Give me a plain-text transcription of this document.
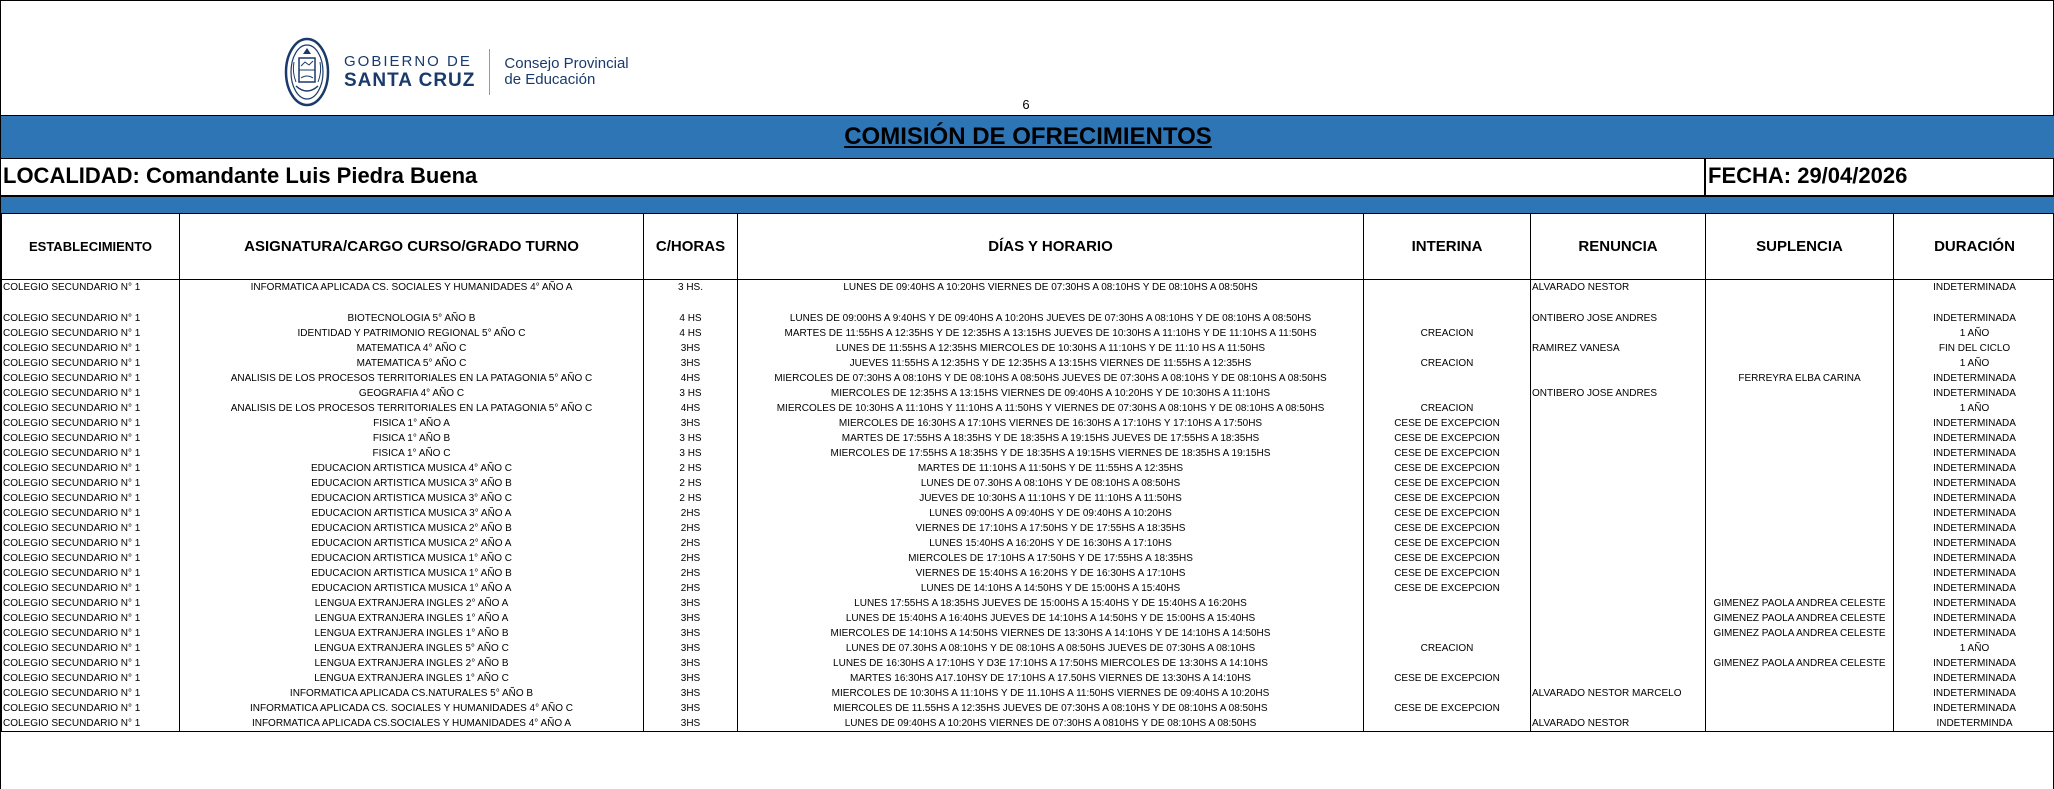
GOBIERNO DE
SANTA CRUZ
Consejo Provincial
de Educación
6
COMISIÓN DE OFRECIMIENTOS
LOCALIDAD: Comandante Luis Piedra Buena	FECHA: 29/04/2026
ESTABLECIMIENTO	ASIGNATURA/CARGO CURSO/GRADO TURNO	C/HORAS	DÍAS Y HORARIO	INTERINA	RENUNCIA	SUPLENCIA	DURACIÓN
COLEGIO SECUNDARIO N° 1	INFORMATICA APLICADA CS. SOCIALES Y HUMANIDADES 4° AÑO A	3 HS.	LUNES DE 09:40HS A 10:20HS VIERNES DE 07:30HS A 08:10HS Y DE 08:10HS A 08:50HS		ALVARADO NESTOR		INDETERMINADA
COLEGIO SECUNDARIO N° 1	BIOTECNOLOGIA 5° AÑO B	4 HS	LUNES DE 09:00HS A 9:40HS Y DE 09:40HS A 10:20HS JUEVES DE 07:30HS A 08:10HS Y DE 08:10HS A 08:50HS		ONTIBERO JOSE ANDRES		INDETERMINADA
COLEGIO SECUNDARIO N° 1	IDENTIDAD Y PATRIMONIO REGIONAL 5° AÑO C	4 HS	MARTES DE 11:55HS A 12:35HS Y DE 12:35HS A 13:15HS JUEVES DE 10:30HS A 11:10HS Y DE 11:10HS A 11:50HS	CREACION			1 AÑO
COLEGIO SECUNDARIO N° 1	MATEMATICA 4° AÑO C	3HS	LUNES DE 11:55HS A 12:35HS MIERCOLES DE 10:30HS A 11:10HS Y DE 11:10 HS A 11:50HS		RAMIREZ VANESA		FIN DEL CICLO
COLEGIO SECUNDARIO N° 1	MATEMATICA 5° AÑO C	3HS	JUEVES 11:55HS A 12:35HS Y DE 12:35HS A 13:15HS VIERNES DE 11:55HS A 12:35HS	CREACION			1 AÑO
COLEGIO SECUNDARIO N° 1	ANALISIS DE LOS PROCESOS TERRITORIALES EN LA PATAGONIA 5° AÑO C	4HS	MIERCOLES DE 07:30HS A 08:10HS Y DE 08:10HS A 08:50HS JUEVES DE 07:30HS A 08:10HS Y DE 08:10HS A 08:50HS			FERREYRA ELBA CARINA	INDETERMINADA
COLEGIO SECUNDARIO N° 1	GEOGRAFIA 4° AÑO C	3 HS	MIERCOLES DE 12:35HS A 13:15HS VIERNES DE 09:40HS A 10:20HS Y DE 10:30HS A 11:10HS		ONTIBERO JOSE ANDRES		INDETERMINADA
COLEGIO SECUNDARIO N° 1	ANALISIS DE LOS PROCESOS TERRITORIALES EN LA PATAGONIA 5° AÑO C	4HS	MIERCOLES DE 10:30HS A 11:10HS Y 11:10HS A 11:50HS Y VIERNES DE 07:30HS A 08:10HS Y DE 08:10HS A 08:50HS	CREACION			1 AÑO
COLEGIO SECUNDARIO N° 1	FISICA 1° AÑO A	3HS	MIERCOLES DE 16:30HS A 17:10HS VIERNES DE 16:30HS A 17:10HS Y 17:10HS A 17:50HS	CESE DE EXCEPCION			INDETERMINADA
COLEGIO SECUNDARIO N° 1	FISICA 1° AÑO B	3 HS	MARTES DE 17:55HS A 18:35HS Y DE 18:35HS A 19:15HS JUEVES DE 17:55HS A 18:35HS	CESE DE EXCEPCION			INDETERMINADA
COLEGIO SECUNDARIO N° 1	FISICA 1° AÑO C	3 HS	MIERCOLES DE 17:55HS A 18:35HS Y DE 18:35HS A 19:15HS VIERNES DE 18:35HS A 19:15HS	CESE DE EXCEPCION			INDETERMINADA
COLEGIO SECUNDARIO N° 1	EDUCACION ARTISTICA MUSICA 4° AÑO C	2 HS	MARTES DE 11:10HS A 11:50HS Y DE 11:55HS A 12:35HS	CESE DE EXCEPCION			INDETERMINADA
COLEGIO SECUNDARIO N° 1	EDUCACION ARTISTICA MUSICA 3° AÑO B	2 HS	LUNES DE 07.30HS A 08:10HS Y DE 08:10HS A 08:50HS	CESE DE EXCEPCION			INDETERMINADA
COLEGIO SECUNDARIO N° 1	EDUCACION ARTISTICA MUSICA 3° AÑO C	2 HS	JUEVES DE 10:30HS A 11:10HS Y DE 11:10HS A 11:50HS	CESE DE EXCEPCION			INDETERMINADA
COLEGIO SECUNDARIO N° 1	EDUCACION ARTISTICA MUSICA 3° AÑO A	2HS	LUNES 09:00HS A 09:40HS Y DE 09:40HS A 10:20HS	CESE DE EXCEPCION			INDETERMINADA
COLEGIO SECUNDARIO N° 1	EDUCACION ARTISTICA MUSICA 2° AÑO B	2HS	VIERNES DE 17:10HS A 17:50HS Y DE 17:55HS A 18:35HS	CESE DE EXCEPCION			INDETERMINADA
COLEGIO SECUNDARIO N° 1	EDUCACION ARTISTICA MUSICA 2° AÑO A	2HS	LUNES 15:40HS A 16:20HS Y DE 16:30HS A 17:10HS	CESE DE EXCEPCION			INDETERMINADA
COLEGIO SECUNDARIO N° 1	EDUCACION ARTISTICA MUSICA 1° AÑO C	2HS	MIERCOLES DE 17:10HS A 17:50HS Y DE 17:55HS A 18:35HS	CESE DE EXCEPCION			INDETERMINADA
COLEGIO SECUNDARIO N° 1	EDUCACION ARTISTICA MUSICA 1° AÑO B	2HS	VIERNES DE 15:40HS A 16:20HS Y DE 16:30HS A 17:10HS	CESE DE EXCEPCION			INDETERMINADA
COLEGIO SECUNDARIO N° 1	EDUCACION ARTISTICA MUSICA 1° AÑO A	2HS	LUNES DE 14:10HS A 14:50HS Y DE 15:00HS A 15:40HS	CESE DE EXCEPCION			INDETERMINADA
COLEGIO SECUNDARIO N° 1	LENGUA EXTRANJERA INGLES 2° AÑO A	3HS	LUNES 17:55HS A 18:35HS JUEVES DE 15:00HS A 15:40HS Y DE 15:40HS A 16:20HS			GIMENEZ PAOLA ANDREA CELESTE	INDETERMINADA
COLEGIO SECUNDARIO N° 1	LENGUA EXTRANJERA INGLES 1° AÑO A	3HS	LUNES DE 15:40HS A 16:40HS JUEVES DE 14:10HS A 14:50HS Y DE 15:00HS A 15:40HS			GIMENEZ PAOLA ANDREA CELESTE	INDETERMINADA
COLEGIO SECUNDARIO N° 1	LENGUA EXTRANJERA INGLES 1° AÑO B	3HS	MIERCOLES DE 14:10HS A 14:50HS VIERNES DE 13:30HS A 14:10HS Y DE 14:10HS A 14:50HS			GIMENEZ PAOLA ANDREA CELESTE	INDETERMINADA
COLEGIO SECUNDARIO N° 1	LENGUA EXTRANJERA INGLES 5° AÑO C	3HS	LUNES DE 07.30HS A 08:10HS Y DE 08:10HS A 08:50HS JUEVES DE 07:30HS A 08:10HS	CREACION			1 AÑO
COLEGIO SECUNDARIO N° 1	LENGUA EXTRANJERA INGLES 2° AÑO B	3HS	LUNES DE 16:30HS A 17:10HS Y D3E 17:10HS A 17:50HS MIERCOLES DE 13:30HS A 14:10HS			GIMENEZ PAOLA ANDREA CELESTE	INDETERMINADA
COLEGIO SECUNDARIO N° 1	LENGUA EXTRANJERA INGLES 1° AÑO C	3HS	MARTES 16:30HS A17.10HSY DE 17:10HS A 17.50HS VIERNES DE 13:30HS A 14:10HS	CESE DE EXCEPCION			INDETERMINADA
COLEGIO SECUNDARIO N° 1	INFORMATICA APLICADA CS.NATURALES 5° AÑO B	3HS	MIERCOLES DE 10:30HS A 11:10HS Y DE 11.10HS A 11:50HS VIERNES DE 09:40HS A 10:20HS		ALVARADO NESTOR MARCELO		INDETERMINADA
COLEGIO SECUNDARIO N° 1	INFORMATICA APLICADA CS. SOCIALES Y HUMANIDADES 4° AÑO C	3HS	MIERCOLES DE 11.55HS A 12:35HS JUEVES DE 07:30HS A 08:10HS Y DE 08:10HS A 08:50HS	CESE DE EXCEPCION			INDETERMINADA
COLEGIO SECUNDARIO N° 1	INFORMATICA APLICADA CS.SOCIALES Y HUMANIDADES 4° AÑO A	3HS	LUNES DE 09:40HS A 10:20HS VIERNES DE 07:30HS A 0810HS Y DE 08:10HS A 08:50HS		ALVARADO NESTOR		INDETERMINDA
